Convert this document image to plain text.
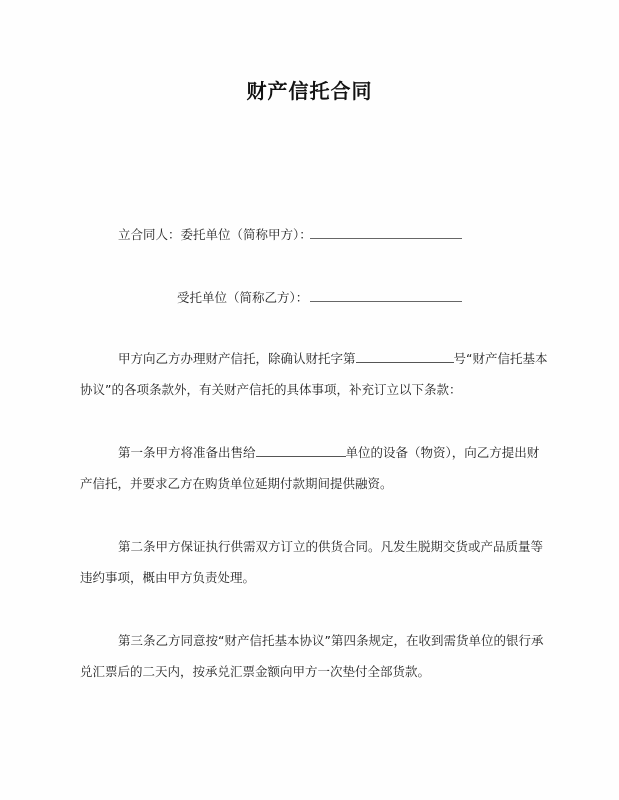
财产信托合同
立合同人：委托单位（简称甲方）：
受托单位（简称乙方）：
甲方向乙方办理财产信托，除确认财托字第	号“财产信托基本
协议”的各项条款外，有关财产信托的具体事项，补充订立以下条款：
第一条甲方将准备出售给	单位的设备（物资），向乙方提出财
产信托，并要求乙方在购货单位延期付款期间提供融资。
第二条甲方保证执行供需双方订立的供货合同。凡发生脱期交货或产品质量等
违约事项，概由甲方负责处理。
第三条乙方同意按“财产信托基本协议”第四条规定，在收到需货单位的银行承
兑汇票后的二天内，按承兑汇票金额向甲方一次垫付全部货款。
